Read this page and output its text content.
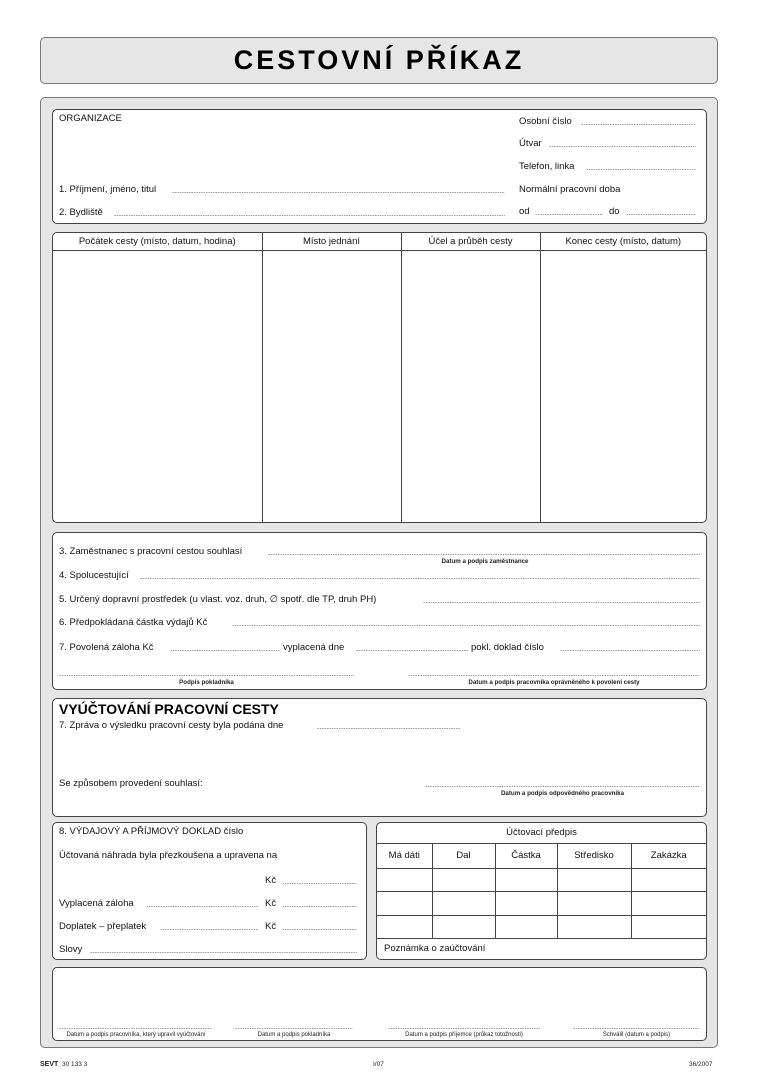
CESTOVNÍ PŘÍKAZ
ORGANIZACE
1. Příjmení, jméno, titul
2. Bydliště
Osobní číslo
Útvar
Telefon, linka
Normální pracovní doba
od	do
Počátek cesty (místo, datum, hodina)	Místo jednání	Účel a průběh cesty	Konec cesty (místo, datum)

3. Zaměstnanec s pracovní cestou souhlasí
Datum a podpis zaměstnance
4. Spolucestující
5. Určený dopravní prostředek (u vlast. voz. druh, ∅ spotř. dle TP, druh PH)
6. Předpokládaná částka výdajů Kč
7. Povolená záloha Kč	vyplacená dne	pokl. doklad číslo
Podpis pokladníka	Datum a podpis pracovníka oprávněného k povolení cesty
VYÚČTOVÁNÍ PRACOVNÍ CESTY
7. Zpráva o výsledku pracovní cesty byla podána dne
Se způsobem provedení souhlasí:
Datum a podpis odpovědného pracovníka
8. VÝDAJOVÝ A PŘÍJMOVÝ DOKLAD číslo
Účtovaná náhrada byla přezkoušena a upravena na
Kč
Vyplacená záloha	Kč
Doplatek – přeplatek	Kč
Slovy
Účtovací předpis
Má dáti	Dal	Částka	Středisko	Zakázka

Poznámka o zaúčtování
Datum a podpis pracovníka, který upravil vyúčtování	Datum a podpis pokladníka	Datum a podpis příjemce (průkaz totožnosti)	Schválil (datum a podpis)
SEVT 30 133 3	I/07	36/2007
